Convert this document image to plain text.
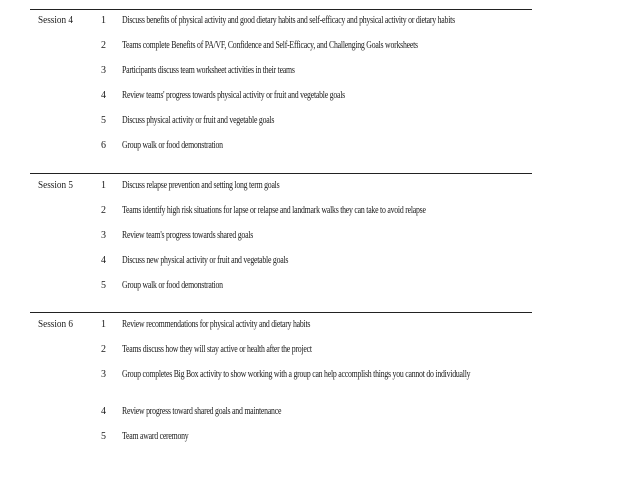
Session 4	1	Discuss benefits of physical activity and good dietary habits and self-efficacy and physical activity or dietary habits
2	Teams complete Benefits of PA/VF, Confidence and Self-Efficacy, and Challenging Goals worksheets
3	Participants discuss team worksheet activities in their teams
4	Review teams' progress towards physical activity or fruit and vegetable goals
5	Discuss physical activity or fruit and vegetable goals
6	Group walk or food demonstration
Session 5	1	Discuss relapse prevention and setting long term goals
2	Teams identify high risk situations for lapse or relapse and landmark walks they can take to avoid relapse
3	Review team's progress towards shared goals
4	Discuss new physical activity or fruit and vegetable goals
5	Group walk or food demonstration
Session 6	1	Review recommendations for physical activity and dietary habits
2	Teams discuss how they will stay active or health after the project
3	Group completes Big Box activity to show working with a group can help accomplish things you cannot do individually
4	Review progress toward shared goals and maintenance
5	Team award ceremony
